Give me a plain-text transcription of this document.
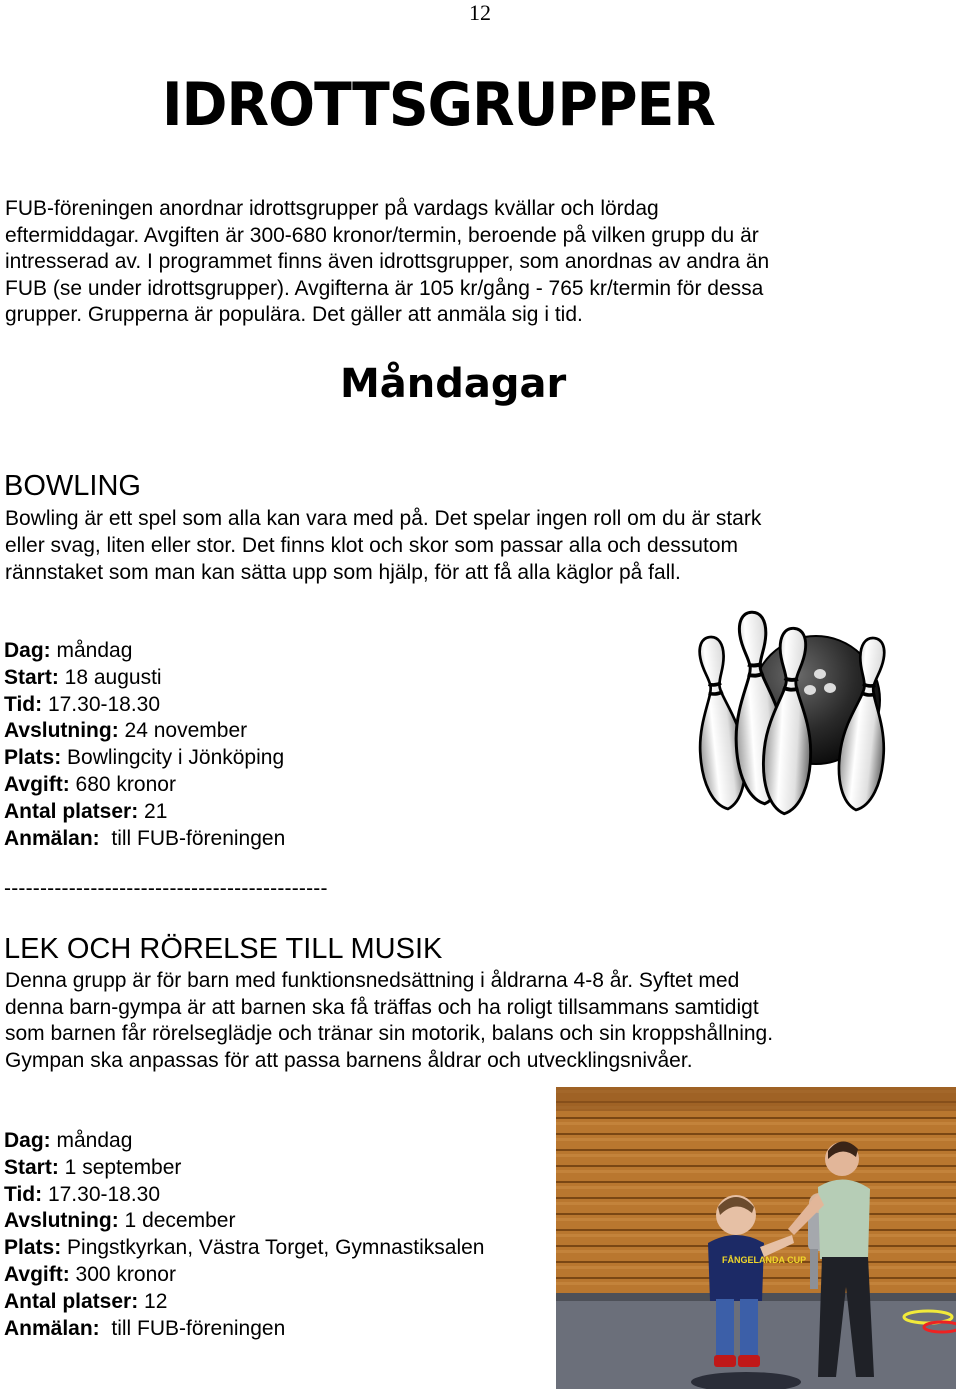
12
IDROTTSGRUPPER
FUB-föreningen anordnar idrottsgrupper på vardags kvällar och lördag
eftermiddagar. Avgiften är 300-680 kronor/termin, beroende på vilken grupp du är
intresserad av. I programmet finns även idrottsgrupper, som anordnas av andra än
FUB (se under idrottsgrupper). Avgifterna är 105 kr/gång - 765 kr/termin för dessa
grupper. Grupperna är populära. Det gäller att anmäla sig i tid.
Måndagar
BOWLING
Bowling är ett spel som alla kan vara med på. Det spelar ingen roll om du är stark
eller svag, liten eller stor. Det finns klot och skor som passar alla och dessutom
rännstaket som man kan sätta upp som hjälp, för att få alla käglor på fall.
Dag: måndag
Start: 18 augusti
Tid: 17.30-18.30
Avslutning: 24 november
Plats: Bowlingcity i Jönköping
Avgift: 680 kronor
Antal platser: 21
Anmälan:  till FUB-föreningen
---------------------------------------------
LEK OCH RÖRELSE TILL MUSIK
Denna grupp är för barn med funktionsnedsättning i åldrarna 4-8 år. Syftet med
denna barn-gympa är att barnen ska få träffas och ha roligt tillsammans samtidigt
som barnen får rörelseglädje och tränar sin motorik, balans och sin kroppshållning.
Gympan ska anpassas för att passa barnens åldrar och utvecklingsnivåer.
Dag: måndag
Start: 1 september
Tid: 17.30-18.30
Avslutning: 1 december
Plats: Pingstkyrkan, Västra Torget, Gymnastiksalen
Avgift: 300 kronor
Antal platser: 12
Anmälan:  till FUB-föreningen
FÅNGELANDA CUP
